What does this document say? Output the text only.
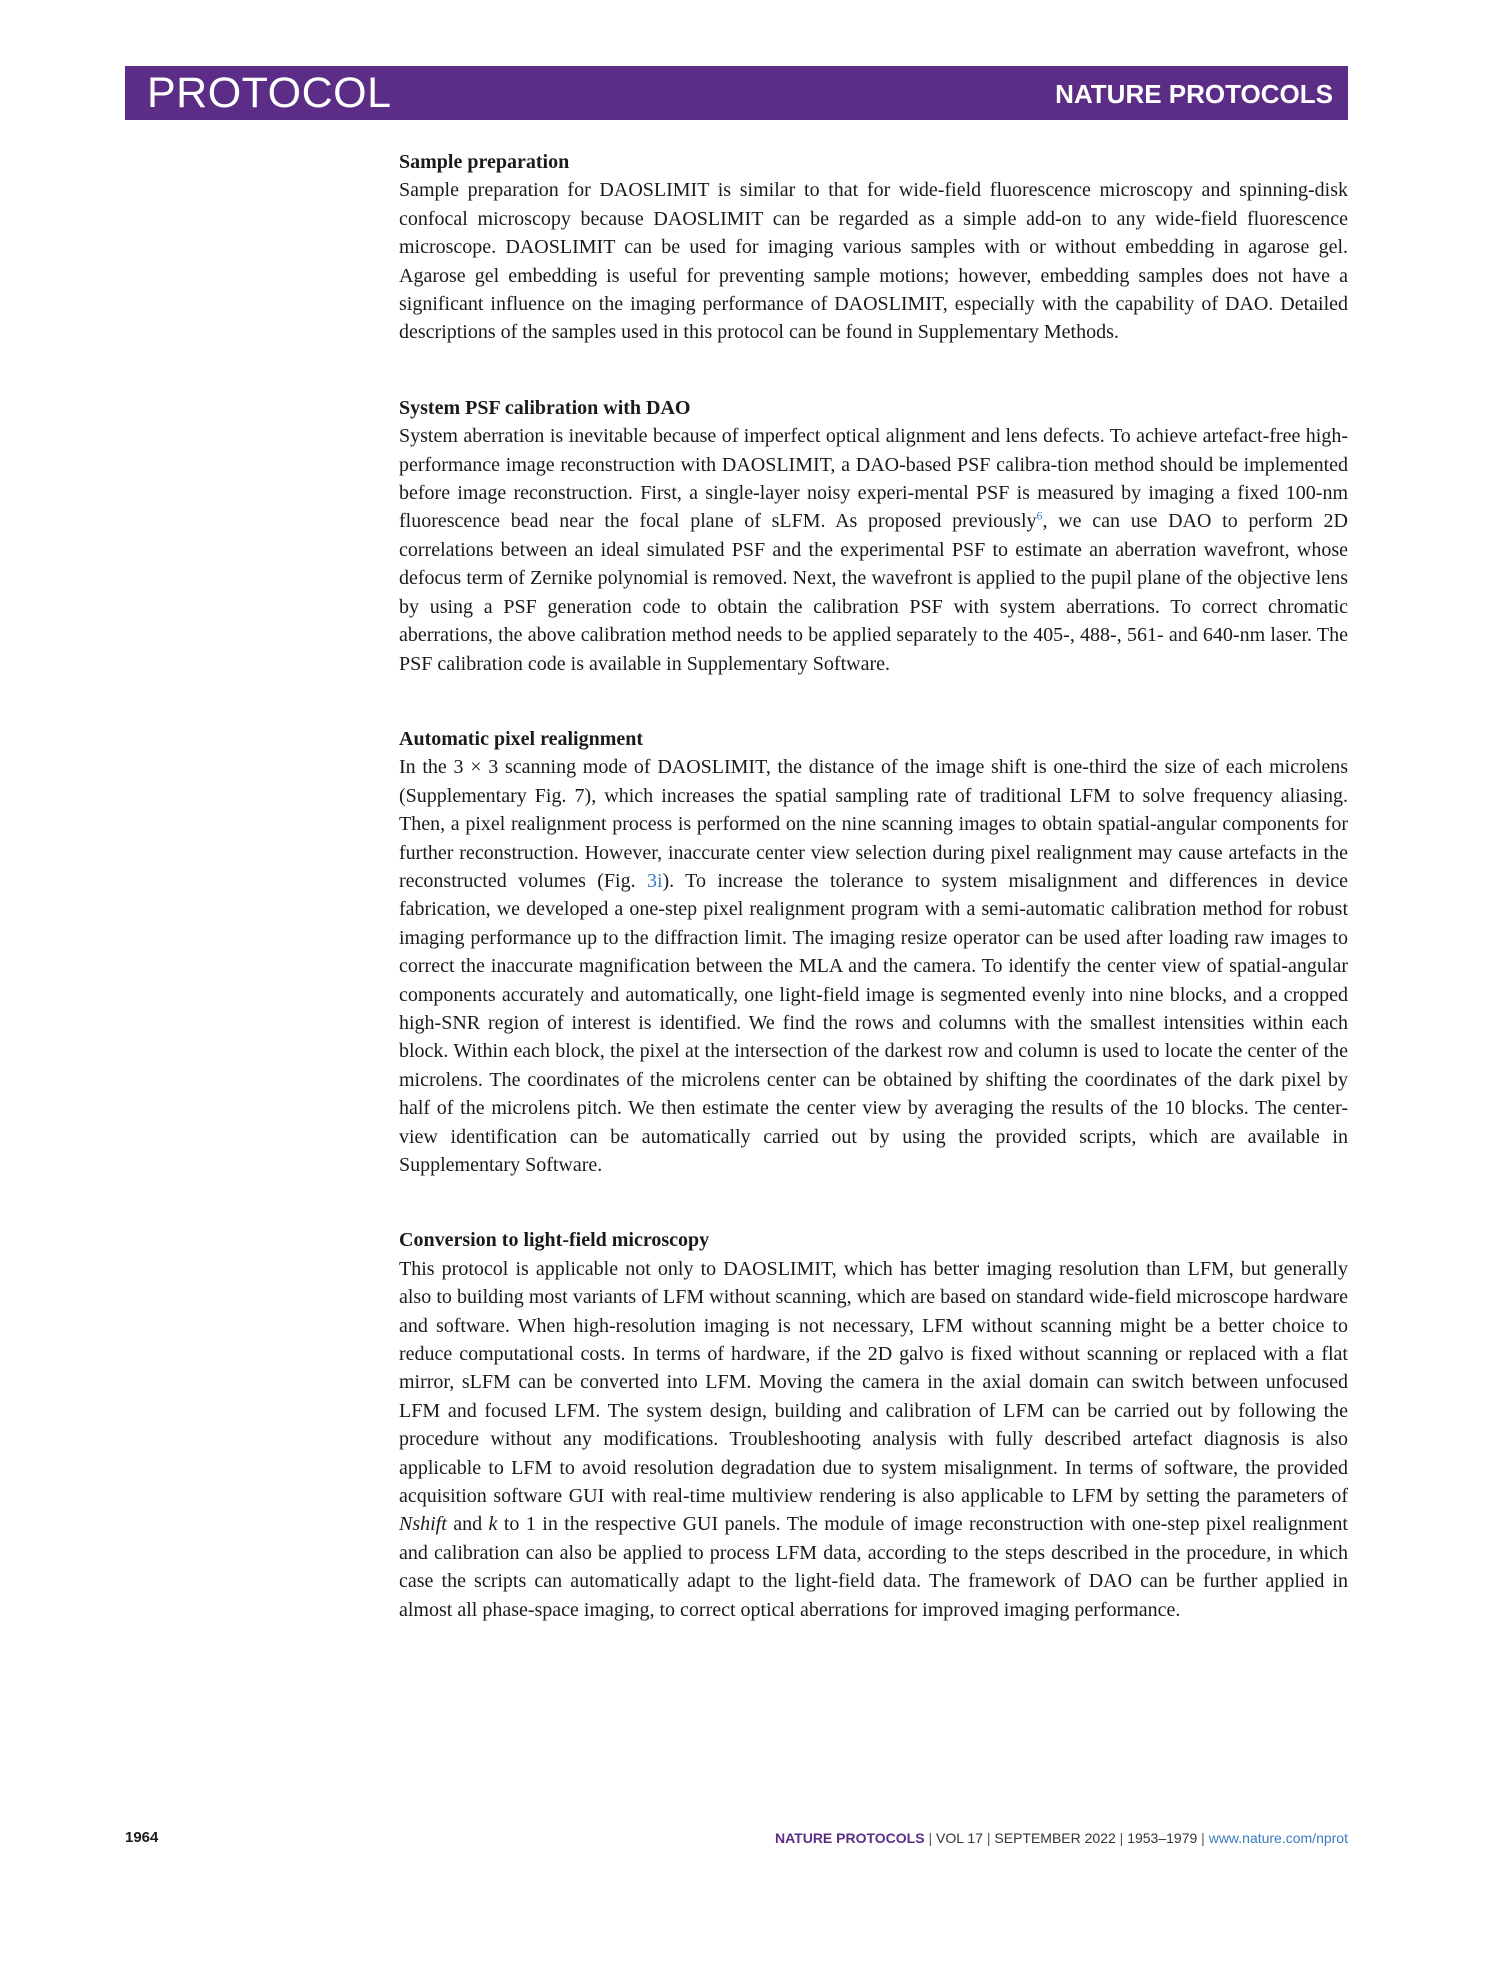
PROTOCOL	NATURE PROTOCOLS

Sample preparation

Sample preparation for DAOSLIMIT is similar to that for wide-field fluorescence microscopy and spinning-disk confocal microscopy because DAOSLIMIT can be regarded as a simple add-on to any wide-field fluorescence microscope. DAOSLIMIT can be used for imaging various samples with or without embedding in agarose gel. Agarose gel embedding is useful for preventing sample motions; however, embedding samples does not have a significant influence on the imaging performance of DAOSLIMIT, especially with the capability of DAO. Detailed descriptions of the samples used in this protocol can be found in Supplementary Methods.

System PSF calibration with DAO

System aberration is inevitable because of imperfect optical alignment and lens defects. To achieve artefact-free high-performance image reconstruction with DAOSLIMIT, a DAO-based PSF calibra-tion method should be implemented before image reconstruction. First, a single-layer noisy experi-mental PSF is measured by imaging a fixed 100-nm fluorescence bead near the focal plane of sLFM. As proposed previously$^6$, we can use DAO to perform 2D correlations between an ideal simulated PSF and the experimental PSF to estimate an aberration wavefront, whose defocus term of Zernike polynomial is removed. Next, the wavefront is applied to the pupil plane of the objective lens by using a PSF generation code to obtain the calibration PSF with system aberrations. To correct chromatic aberrations, the above calibration method needs to be applied separately to the 405-, 488-, 561- and 640-nm laser. The PSF calibration code is available in Supplementary Software.

Automatic pixel realignment

In the 3 × 3 scanning mode of DAOSLIMIT, the distance of the image shift is one-third the size of each microlens (Supplementary Fig. 7), which increases the spatial sampling rate of traditional LFM to solve frequency aliasing. Then, a pixel realignment process is performed on the nine scanning images to obtain spatial-angular components for further reconstruction. However, inaccurate center view selection during pixel realignment may cause artefacts in the reconstructed volumes (Fig. 3i). To increase the tolerance to system misalignment and differences in device fabrication, we developed a one-step pixel realignment program with a semi-automatic calibration method for robust imaging performance up to the diffraction limit. The imaging resize operator can be used after loading raw images to correct the inaccurate magnification between the MLA and the camera. To identify the center view of spatial-angular components accurately and automatically, one light-field image is segmented evenly into nine blocks, and a cropped high-SNR region of interest is identified. We find the rows and columns with the smallest intensities within each block. Within each block, the pixel at the intersection of the darkest row and column is used to locate the center of the microlens. The coordinates of the microlens center can be obtained by shifting the coordinates of the dark pixel by half of the microlens pitch. We then estimate the center view by averaging the results of the 10 blocks. The center-view identification can be automatically carried out by using the provided scripts, which are available in Supplementary Software.

Conversion to light-field microscopy

This protocol is applicable not only to DAOSLIMIT, which has better imaging resolution than LFM, but generally also to building most variants of LFM without scanning, which are based on standard wide-field microscope hardware and software. When high-resolution imaging is not necessary, LFM without scanning might be a better choice to reduce computational costs. In terms of hardware, if the 2D galvo is fixed without scanning or replaced with a flat mirror, sLFM can be converted into LFM. Moving the camera in the axial domain can switch between unfocused LFM and focused LFM. The system design, building and calibration of LFM can be carried out by following the procedure without any modifications. Troubleshooting analysis with fully described artefact diagnosis is also applicable to LFM to avoid resolution degradation due to system misalignment. In terms of software, the provided acquisition software GUI with real-time multiview rendering is also applicable to LFM by setting the parameters of Nshift and k to 1 in the respective GUI panels. The module of image reconstruction with one-step pixel realignment and calibration can also be applied to process LFM data, according to the steps described in the procedure, in which case the scripts can automatically adapt to the light-field data. The framework of DAO can be further applied in almost all phase-space imaging, to correct optical aberrations for improved imaging performance.

1964	NATURE PROTOCOLS | VOL 17 | SEPTEMBER 2022 | 1953–1979 | www.nature.com/nprot
